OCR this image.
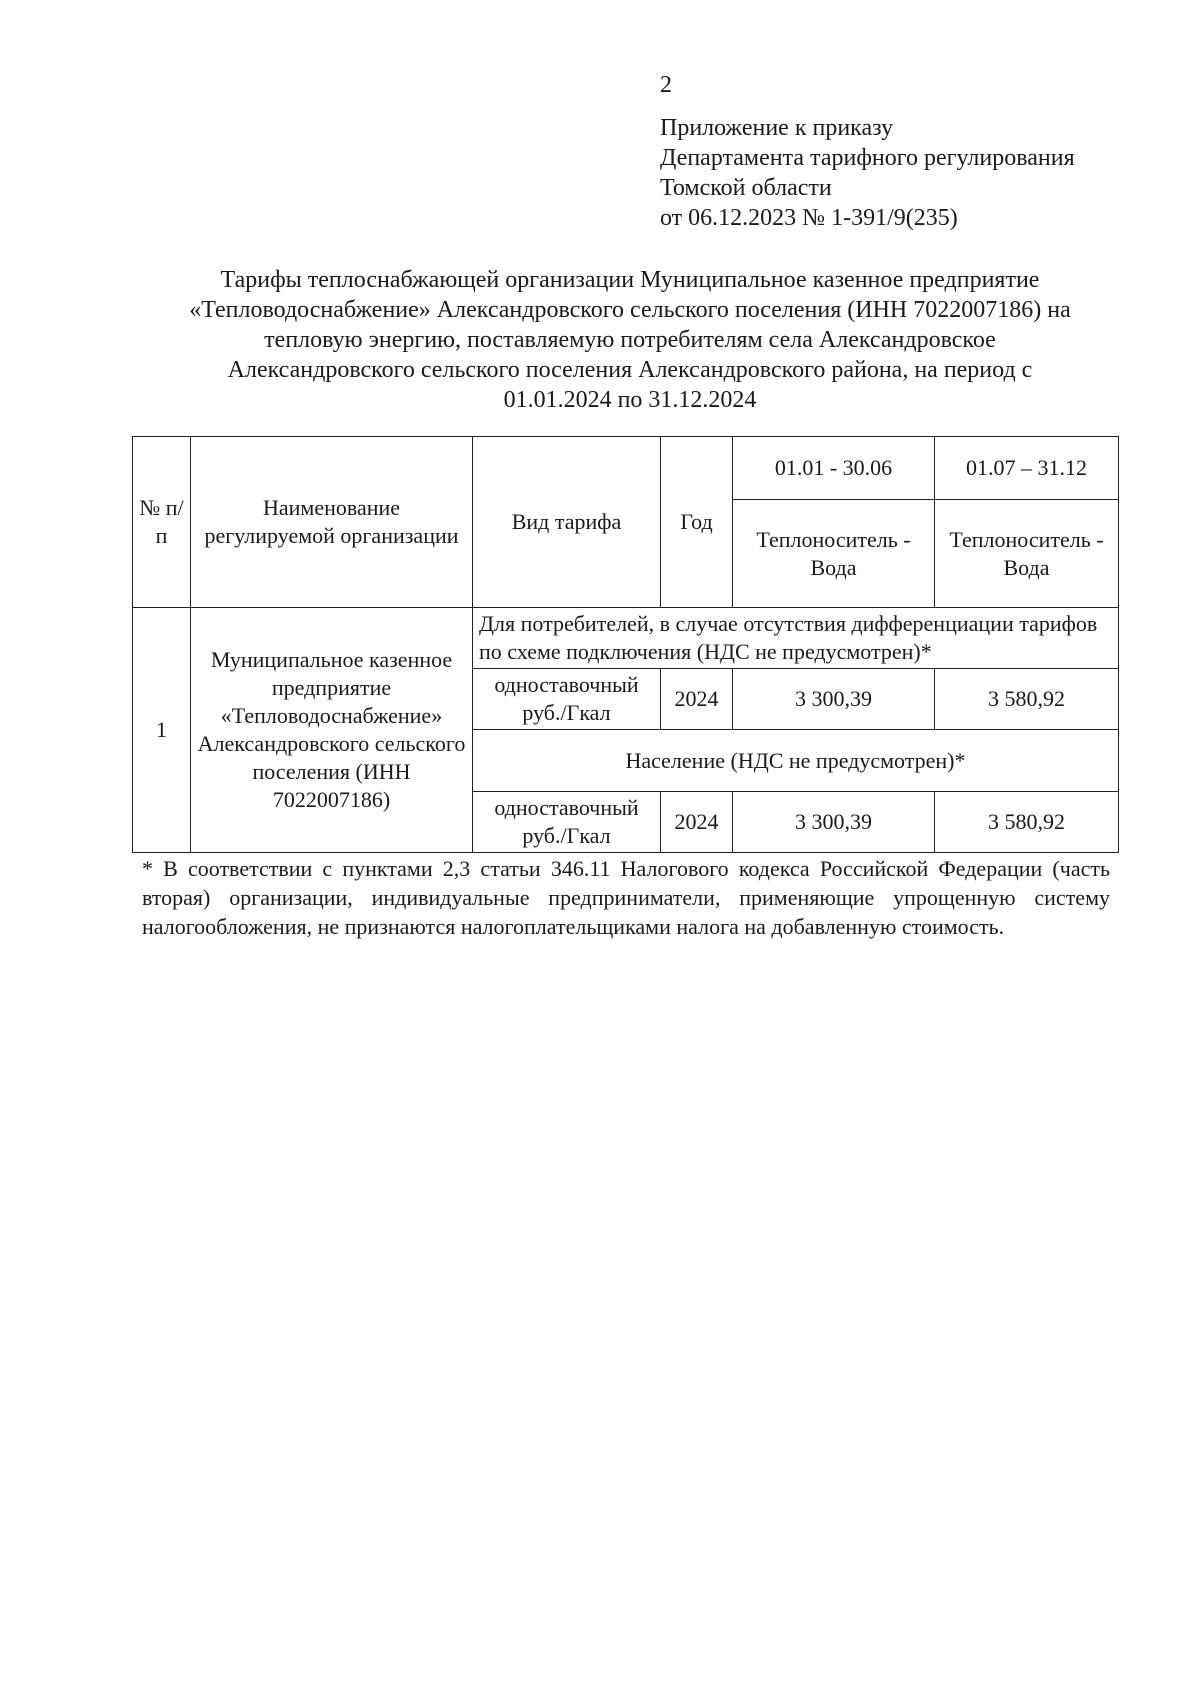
2
Приложение к приказу
Департамента тарифного регулирования
Томской области
от 06.12.2023 № 1-391/9(235)
Тарифы теплоснабжающей организации Муниципальное казенное предприятие
«Тепловодоснабжение» Александровского сельского поселения (ИНН 7022007186) на
тепловую энергию, поставляемую потребителям села Александровское
Александровского сельского поселения Александровского района, на период с
01.01.2024 по 31.12.2024
№ п/п	Наименование регулируемой организации	Вид тарифа	Год	01.01 - 30.06	01.07 – 31.12
				Теплоноситель - Вода	Теплоноситель - Вода
1	Муниципальное казенное предприятие «Тепловодоснабжение» Александровского сельского поселения (ИНН 7022007186)	Для потребителей, в случае отсутствия дифференциации тарифов по схеме подключения (НДС не предусмотрен)*			
		одноставочный руб./Гкал	2024	3 300,39	3 580,92
		Население (НДС не предусмотрен)*			
		одноставочный руб./Гкал	2024	3 300,39	3 580,92
* В соответствии с пунктами 2,3 статьи 346.11 Налогового кодекса Российской Федерации (часть вторая) организации, индивидуальные предприниматели, применяющие упрощенную систему налогообложения, не признаются налогоплательщиками налога на добавленную стоимость.
